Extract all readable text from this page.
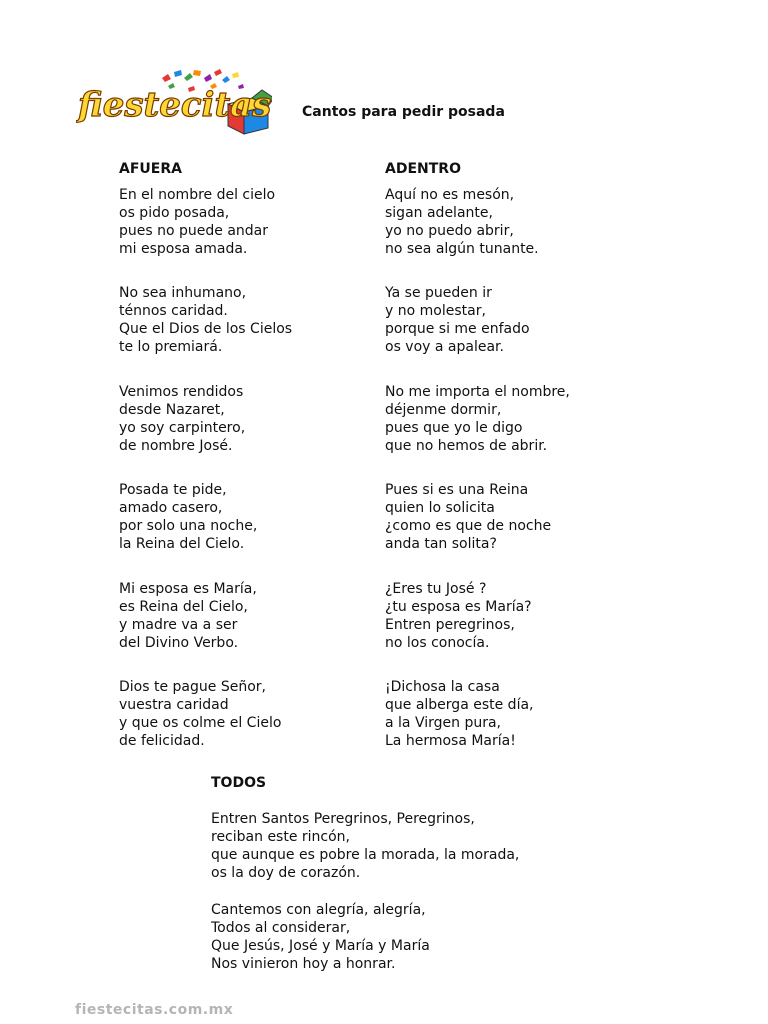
fiestecitas Cantos para pedir posada
AFUERA	ADENTRO
En el nombre del cielo
os pido posada,
pues no puede andar
mi esposa amada.
No sea inhumano,
ténnos caridad.
Que el Dios de los Cielos
te lo premiará.
Venimos rendidos
desde Nazaret,
yo soy carpintero,
de nombre José.
Posada te pide,
amado casero,
por solo una noche,
la Reina del Cielo.
Mi esposa es María,
es Reina del Cielo,
y madre va a ser
del Divino Verbo.
Dios te pague Señor,
vuestra caridad
y que os colme el Cielo
de felicidad.
Aquí no es mesón,
sigan adelante,
yo no puedo abrir,
no sea algún tunante.
Ya se pueden ir
y no molestar,
porque si me enfado
os voy a apalear.
No me importa el nombre,
déjenme dormir,
pues que yo le digo
que no hemos de abrir.
Pues si es una Reina
quien lo solicita
¿como es que de noche
anda tan solita?
¿Eres tu José ?
¿tu esposa es María?
Entren peregrinos,
no los conocía.
¡Dichosa la casa
que alberga este día,
a la Virgen pura,
La hermosa María!
TODOS
Entren Santos Peregrinos, Peregrinos,
reciban este rincón,
que aunque es pobre la morada, la morada,
os la doy de corazón.
Cantemos con alegría, alegría,
Todos al considerar,
Que Jesús, José y María y María
Nos vinieron hoy a honrar.
fiestecitas.com.mx
